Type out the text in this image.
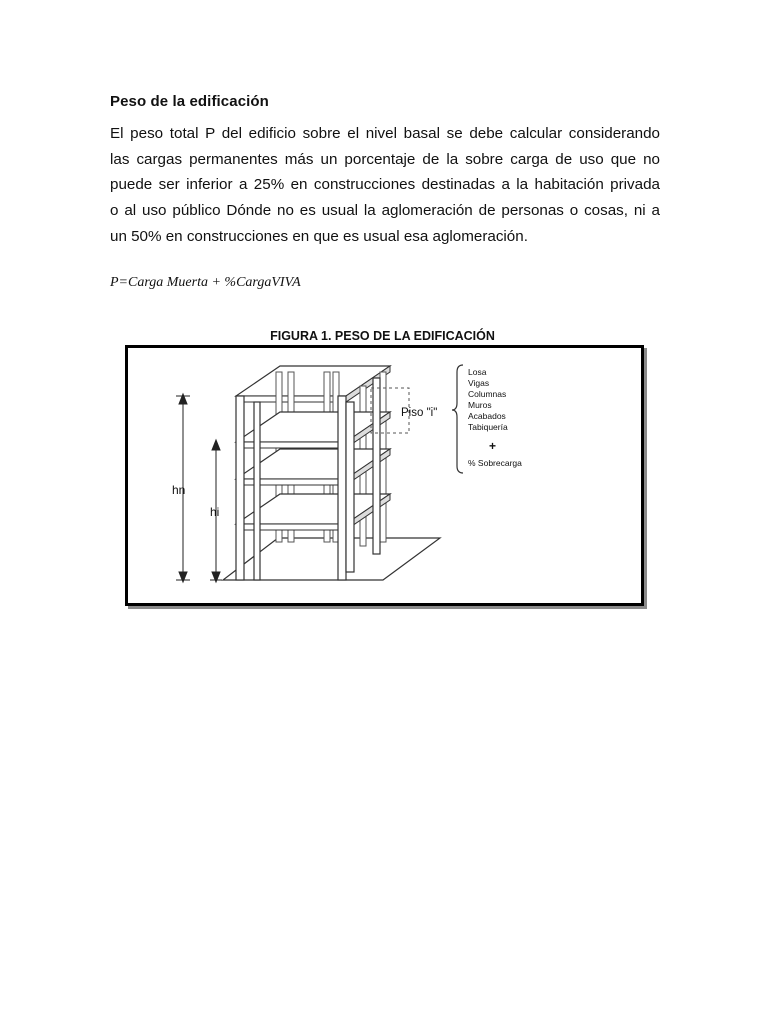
Peso de la edificación
El peso total P del edificio sobre el nivel basal se debe calcular considerando
las cargas permanentes más un porcentaje de la sobre carga de uso que no
puede ser inferior a 25% en construcciones destinadas a la habitación privada
o al uso público Dónde no es usual la aglomeración de personas o cosas, ni a
un 50% en construcciones en que es usual esa aglomeración.
P=Carga Muerta + %CargaVIVA
FIGURA 1. PESO DE LA EDIFICACIÓN
hn
hi
Piso "i"
Losa
Vigas
Columnas
Muros
Acabados
Tabiquería
+
% Sobrecarga
